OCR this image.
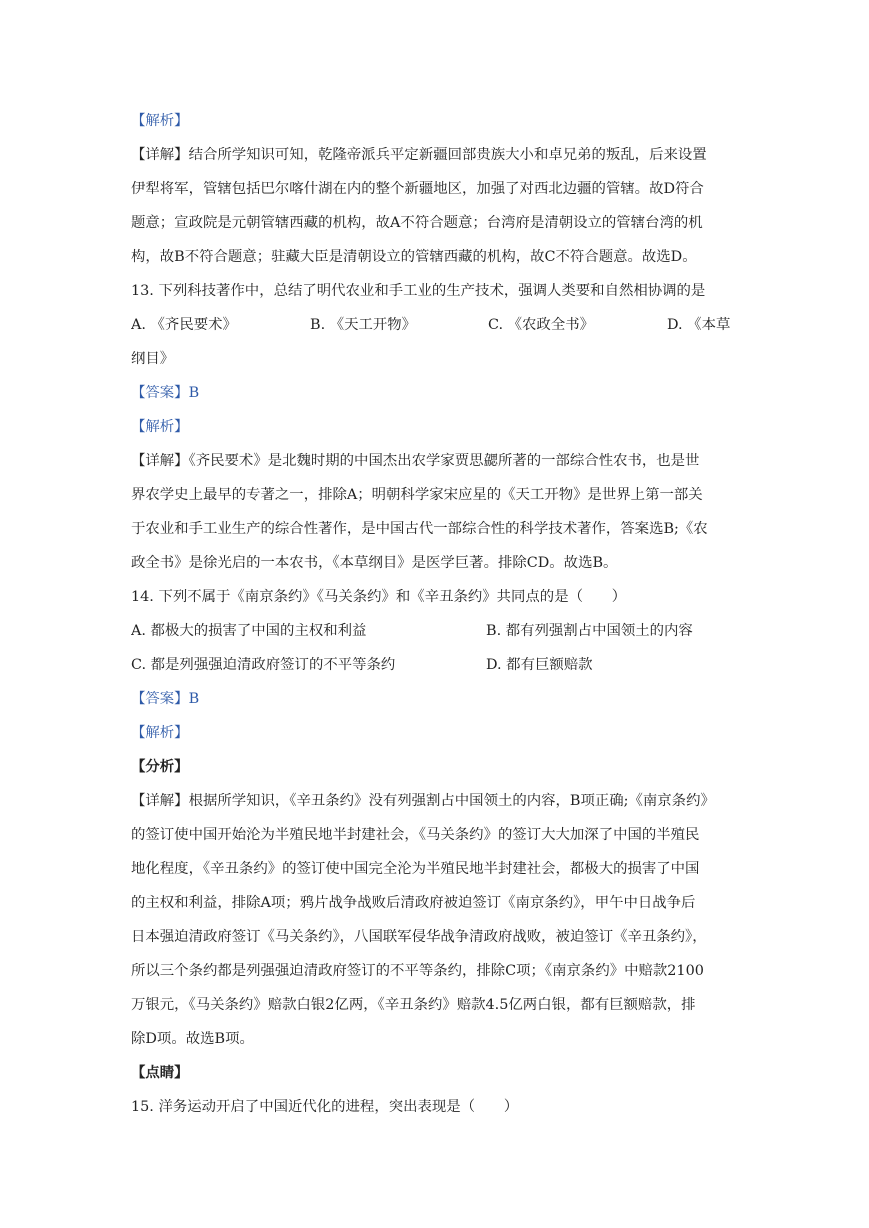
【解析】
【详解】结合所学知识可知，乾隆帝派兵平定新疆回部贵族大小和卓兄弟的叛乱，后来设置
伊犁将军，管辖包括巴尔喀什湖在内的整个新疆地区，加强了对西北边疆的管辖。故D符合
题意；宣政院是元朝管辖西藏的机构，故A不符合题意；台湾府是清朝设立的管辖台湾的机
构，故B不符合题意；驻藏大臣是清朝设立的管辖西藏的机构，故C不符合题意。故选D。
13. 下列科技著作中，总结了明代农业和手工业的生产技术，强调人类要和自然相协调的是
A. 《齐民要术》	B. 《天工开物》	C. 《农政全书》	D. 《本草
纲目》
【答案】B
【解析】
【详解】《齐民要术》是北魏时期的中国杰出农学家贾思勰所著的一部综合性农书，也是世
界农学史上最早的专著之一，排除A；明朝科学家宋应星的《天工开物》是世界上第一部关
于农业和手工业生产的综合性著作，是中国古代一部综合性的科学技术著作，答案选B;《农
政全书》是徐光启的一本农书，《本草纲目》是医学巨著。排除CD。故选B。
14. 下列不属于《南京条约》《马关条约》和《辛丑条约》共同点的是（　　）
A. 都极大的损害了中国的主权和利益	B. 都有列强割占中国领土的内容
C. 都是列强强迫清政府签订的不平等条约	D. 都有巨额赔款
【答案】B
【解析】
【分析】
【详解】根据所学知识，《辛丑条约》没有列强割占中国领土的内容，B项正确;《南京条约》
的签订使中国开始沦为半殖民地半封建社会，《马关条约》的签订大大加深了中国的半殖民
地化程度，《辛丑条约》的签订使中国完全沦为半殖民地半封建社会，都极大的损害了中国
的主权和利益，排除A项；鸦片战争战败后清政府被迫签订《南京条约》，甲午中日战争后
日本强迫清政府签订《马关条约》，八国联军侵华战争清政府战败，被迫签订《辛丑条约》，
所以三个条约都是列强强迫清政府签订的不平等条约，排除C项；《南京条约》中赔款2100
万银元，《马关条约》赔款白银2亿两，《辛丑条约》赔款4.5亿两白银，都有巨额赔款，排
除D项。故选B项。
【点睛】
15. 洋务运动开启了中国近代化的进程，突出表现是（　　）
